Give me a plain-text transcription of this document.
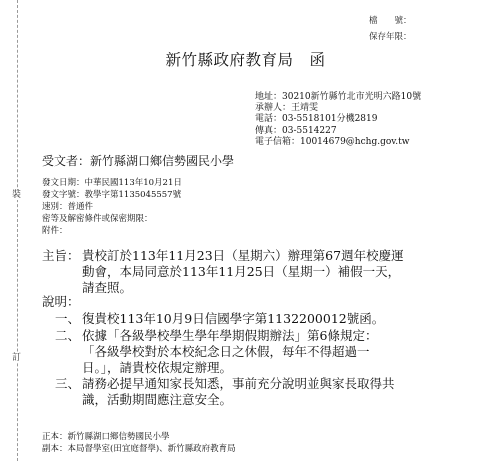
裝
訂
檔　　號：
保存年限：
新竹縣政府教育局　函
地址：30210新竹縣竹北市光明六路10號
承辦人：王靖雯
電話：03-5518101分機2819
傳真：03-5514227
電子信箱：10014679@hchg.gov.tw
受文者：新竹縣湖口鄉信勢國民小學
發文日期：中華民國113年10月21日
發文字號：教學字第1135045557號
速別：普通件
密等及解密條件或保密期限：
附件：
主旨： 貴校訂於113年11月23日（星期六）辦理第67週年校慶運
動會，本局同意於113年11月25日（星期一）補假一天，
請查照。
說明：
一、 復貴校113年10月9日信國學字第1132200012號函。
二、 依據「各級學校學生學年學期假期辦法」第6條規定：
「各級學校對於本校紀念日之休假，每年不得超過一
日。」，請貴校依規定辦理。
三、 請務必提早通知家長知悉，事前充分說明並與家長取得共
識，活動期間應注意安全。
正本：新竹縣湖口鄉信勢國民小學
副本：本局督學室(田宜庭督學)、新竹縣政府教育局
